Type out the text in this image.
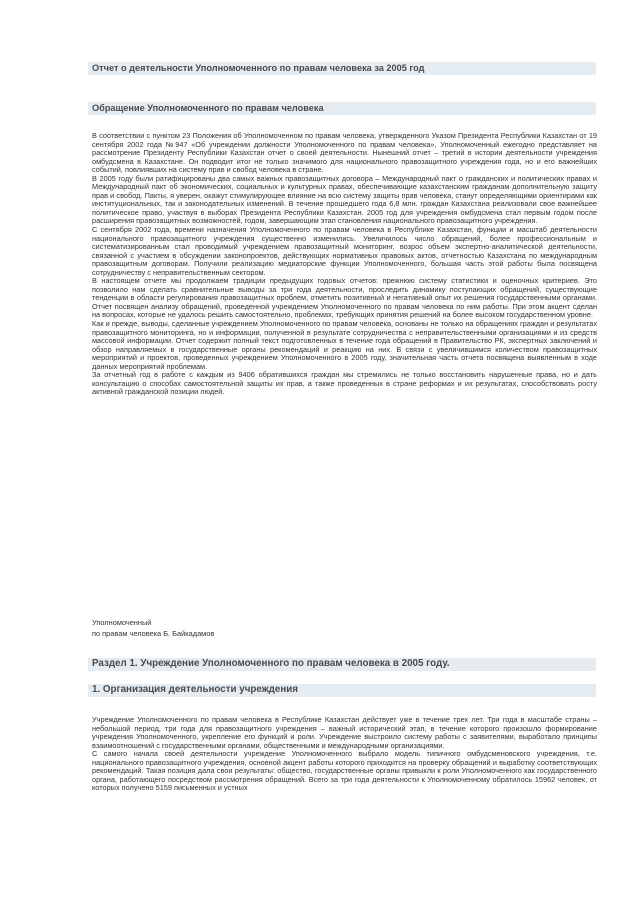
Отчет о деятельности Уполномоченного по правам человека за 2005 год
Обращение Уполномоченного по правам человека

В соответствии с пунктом 23 Положения об Уполномоченном по правам человека, утвержденного Указом Президента Республики Казахстан от 19 сентября 2002 года №947 «Об учреждении должности Уполномоченного по правам человека», Уполномоченный ежегодно представляет на рассмотрение Президенту Республики Казахстан отчет о своей деятельности. Нынешний отчет – третий в истории деятельности учреждения омбудсмена в Казахстане. Он подводит итог не только значимого для национального правозащитного учреждения года, но и его важнейших событий, повлиявших на систему прав и свобод человека в стране.

В 2005 году были ратифицированы два самых важных правозащитных договора – Международный пакт о гражданских и политических правах и Международный пакт об экономических, социальных и культурных правах, обеспечивающие казахстанским гражданам дополнительную защиту прав и свобод. Пакты, я уверен, окажут стимулирующее влияние на всю систему защиты прав человека, станут определяющими ориентирами как институциональных, так и законодательных изменений. В течение прошедшего года 6,8 млн. граждан Казахстана реализовали свое важнейшее политическое право, участвуя в выборах Президента Республики Казахстан. 2005 год для учреждения омбудсмена стал первым годом после расширения правозащитных возможностей, годом, завершающим этап становления национального правозащитного учреждения.

С сентября 2002 года, времени назначения Уполномоченного по правам человека в Республике Казахстан, функции и масштаб деятельности национального правозащитного учреждения существенно изменились. Увеличилось число обращений, более профессиональным и систематизированным стал проводимый учреждением правозащитный мониторинг, возрос объем экспертно-аналитической деятельности, связанной с участием в обсуждении законопроектов, действующих нормативных правовых актов, отчетностью Казахстана по международным правозащитным договорам. Получили реализацию медиаторские функции Уполномоченного, большая часть этой работы была посвящена сотрудничеству с неправительственным сектором.

В настоящем отчете мы продолжаем традиции предыдущих годовых отчетов: прежнюю систему статистики и оценочных критериев. Это позволило нам сделать сравнительные выводы за три года деятельности, проследить динамику поступающих обращений, существующие тенденции в области регулирования правозащитных проблем, отметить позитивный и негативный опыт их решения государственными органами. Отчет посвящен анализу обращений, проведенной учреждением Уполномоченного по правам человека по ним работы. При этом акцент сделан на вопросах, которые не удалось решить самостоятельно, проблемах, требующих принятия решений на более высоком государственном уровне.

Как и прежде, выводы, сделанные учреждением Уполномоченного по правам человека, основаны не только на обращениях граждан и результатах правозащитного мониторинга, но и информации, полученной в результате сотрудничества с неправительственными организациями и из средств массовой информации. Отчет содержит полный текст подготовленных в течение года обращений в Правительство РК, экспертных заключений и обзор направляемых в государственные органы рекомендаций и реакцию на них. В связи с увеличившимся количеством правозащитных мероприятий и проектов, проведенных учреждением Уполномоченного в 2005 году, значительная часть отчета посвящена выявленным в ходе данных мероприятий проблемам.

За отчетный год в работе с каждым из 9406 обратившихся граждан мы стремились не только восстановить нарушенные права, но и дать консультацию о способах самостоятельной защиты их прав, а также проведенных в стране реформах и их результатах, способствовать росту активной гражданской позиции людей.

Уполномоченный
по правам человека Б. Байкадамов
Раздел 1. Учреждение Уполномоченного по правам человека в 2005 году.
1. Организация деятельности учреждения

Учреждение Уполномоченного по правам человека в Республике Казахстан действует уже в течение трех лет. Три года в масштабе страны – небольшой период, три года для правозащитного учреждения – важный исторический этап, в течение которого произошло формирование учреждения Уполномоченного, укрепление его функций и роли. Учреждение выстроило систему работы с заявителями, выработало принципы взаимоотношений с государственными органами, общественными и международными организациями.

С самого начала своей деятельности учреждение Уполномоченного выбрало модель типичного омбудсменовского учреждения, т.е. национального правозащитного учреждения, основной акцент работы которого приходится на проверку обращений и выработку соответствующих рекомендаций. Такая позиция дала свои результаты: общество, государственные органы привыкли к роли Уполномоченного как государственного органа, работающего посредством рассмотрения обращений. Всего за три года деятельности к Уполномоченному обратилось 15962 человек, от которых получено 5159 письменных и устных
